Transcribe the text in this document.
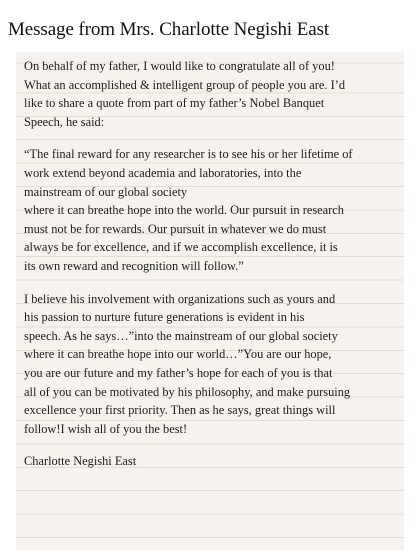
Message from Mrs. Charlotte Negishi East

On behalf of my father, I would like to congratulate all of you!
What an accomplished & intelligent group of people you are. I’d
like to share a quote from part of my father’s Nobel Banquet
Speech, he said:

“The final reward for any researcher is to see his or her lifetime of
work extend beyond academia and laboratories, into the
mainstream of our global society
where it can breathe hope into the world. Our pursuit in research
must not be for rewards. Our pursuit in whatever we do must
always be for excellence, and if we accomplish excellence, it is
its own reward and recognition will follow.”

I believe his involvement with organizations such as yours and
his passion to nurture future generations is evident in his
speech. As he says…”into the mainstream of our global society
where it can breathe hope into our world…”You are our hope,
you are our future and my father’s hope for each of you is that
all of you can be motivated by his philosophy, and make pursuing
excellence your first priority. Then as he says, great things will
follow!I wish all of you the best!

Charlotte Negishi East
